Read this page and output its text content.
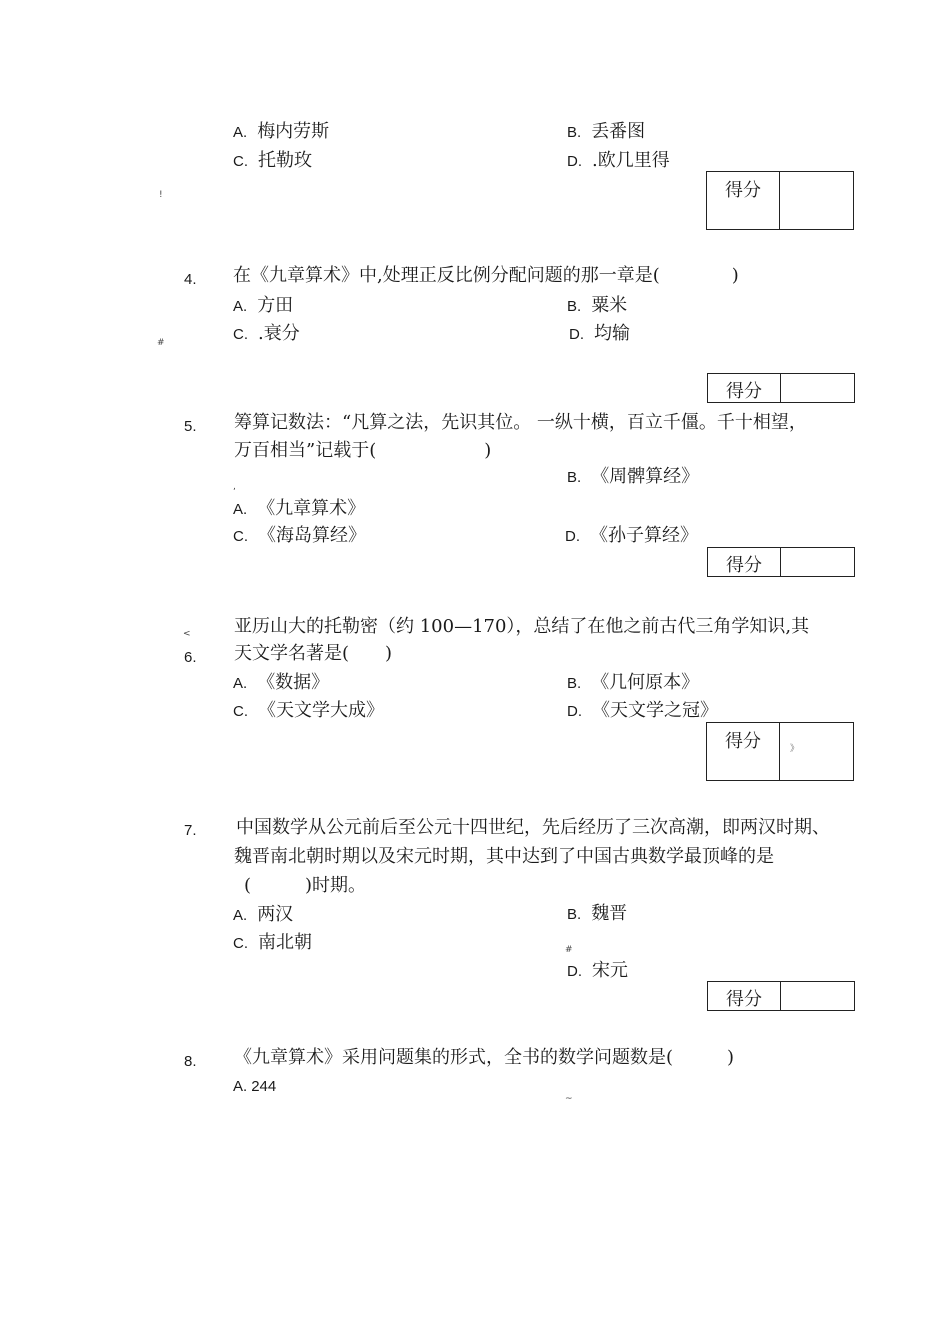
A. 梅内劳斯	B. 丢番图
C. 托勒玫	D. .欧几里得
得分
!
4. 在《九章算术》中,处理正反比例分配问题的那一章是(　　　　)
A. 方田	B. 粟米
C. .衰分	D. 均输
#
得分
5. 筹算记数法：“凡算之法，先识其位。 一纵十横，百立千僵。千十相望，
万百相当”记载于(　　　　　　)
B. 《周髀算经》
,
A. 《九章算术》
C. 《海岛算经》	D. 《孙子算经》
得分
< 亚历山大的托勒密（约 100—170），总结了在他之前古代三角学知识,其
6. 天文学名著是(　　)
A. 《数据》	B. 《几何原本》
C. 《天文学大成》	D. 《天文学之冠》
得分	》
7. 中国数学从公元前后至公元十四世纪，先后经历了三次高潮，即两汉时期、
魏晋南北朝时期以及宋元时期，其中达到了中国古典数学最顶峰的是
(　　　)时期。
A. 两汉	B. 魏晋
C. 南北朝	#
D. 宋元
得分
8. 《九章算术》采用问题集的形式，全书的数学问题数是(　　　)
A. 244
~
